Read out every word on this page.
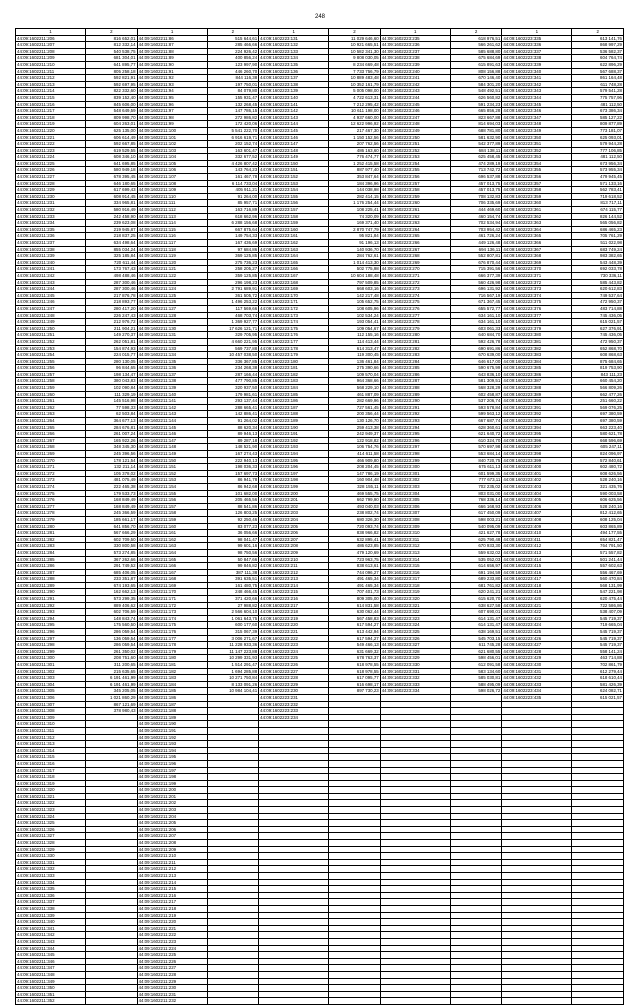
248
1	2	1	2	1	2	1	2	1	2
44:09:1602211:206	816 652,01	44:09:1602211:86	515 644,61	44:09:1602223:131	11 029 646,60	44:09:1602223:235	618 976,51	44:09:1602223:335	613 141,76
44:09:1602211:207	812 332,14	44:09:1602211:87	285 466,66	44:09:1602223:132	10 921 665,51	44:09:1602223:236	566 261,62	44:09:1602223:336	868 997,29
44:09:1602211:208	540 538,75	44:09:1602211:88	224 926,42	44:09:1602223:133	10 582 341,30	44:09:1602223:237	585 688,80	44:09:1602223:337	536 582,37
44:09:1602211:209	681 304,01	44:09:1602211:89	400 856,24	44:09:1602223:134	9 808 030,05	44:09:1602223:238	675 684,69	44:09:1602223:338	604 764,74
44:09:1602211:210	641 895,77	44:09:1602211:90	123 997,90	44:09:1602223:135	8 234 669,48	44:09:1602223:239	615 891,63	44:09:1602223:339	622 896,29
44:09:1602211:211	805 258,18	44:09:1602211:91	446 260,70	44:09:1602223:136	7 733 756,79	44:09:1602223:240	808 156,88	44:09:1602223:340	567 688,37
44:09:1602211:212	592 821,91	44:09:1602211:92	844 116,38	44:09:1602223:137	10 889 483,48	44:09:1602223:241	670 146,40	44:09:1602223:341	861 164,48
44:09:1602211:213	592 697,95	44:09:1602211:93	197 750,01	44:09:1602223:138	10 352 161,79	44:09:1602223:242	584 301,20	44:09:1602223:342	611 748,28
44:09:1602211:214	822 332,60	44:09:1602211:94	84 079,80	44:09:1602223:139	5 005 098,00	44:09:1602223:243	548 492,51	44:09:1602223:343	579 541,28
44:09:1602211:215	839 152,40	44:09:1602211:95	155 931,47	44:09:1602223:140	4 722 613,31	44:09:1602223:244	626 560,82	44:09:1602223:344	775 757,96
44:09:1602211:216	845 606,00	44:09:1602211:96	132 268,45	44:09:1602223:141	7 212 295,42	44:09:1602223:245	591 234,23	44:09:1602223:345	481 112,50
44:09:1602211:217	548 649,59	44:09:1602211:97	147 786,15	44:09:1602223:142	10 611 198,00	44:09:1602223:246	665 856,28	44:09:1602223:346	673 386,34
44:09:1602211:218	809 998,70	44:09:1602211:98	272 986,82	44:09:1602223:143	4 937 660,00	44:09:1602223:247	823 667,88	44:09:1602223:347	585 127,22
44:09:1602211:219	604 263,01	44:09:1602211:99	172 420,06	44:09:1602223:144	12 622 996,92	44:09:1602223:248	814 694,03	44:09:1602223:348	809 877,89
44:09:1602211:220	625 135,00	44:09:1602211:100	5 541 222,70	44:09:1602223:145	217 467,30	44:09:1602223:249	688 781,80	44:09:1602223:349	773 181,07
44:09:1602211:221	606 614,49	44:09:1602211:101	6 916 619,71	44:09:1602223:146	1 150 152,56	44:09:1602223:250	581 632,90	44:09:1602223:350	625 093,01
44:09:1602211:222	592 667,85	44:09:1602211:102	202 152,74	44:09:1602223:147	207 762,56	44:09:1602223:251	542 377,89	44:09:1602223:351	579 944,28
44:09:1602211:223	619 529,55	44:09:1602211:103	163 601,47	44:09:1602223:148	486 163,60	44:09:1602223:252	684 138,11	44:09:1602223:352	777 106,85
44:09:1602211:224	608 346,10	44:09:1602211:104	332 677,52	44:09:1602223:149	776 474,77	44:09:1602223:253	625 458,45	44:09:1602223:353	481 112,50
44:09:1602211:225	641 695,85	44:09:1602211:105	4 426 807,42	44:09:1602223:150	1 252 415,58	44:09:1602223:254	474 289,19	44:09:1602223:354	673 956,34
44:09:1602211:226	580 949,18	44:09:1602211:106	143 764,23	44:09:1602223:151	887 977,40	44:09:1602223:255	713 742,72	44:09:1602223:355	573 955,34
44:09:1602211:227	678 395,45	44:09:1602211:107	161 467,78	44:09:1602223:152	353 847,64	44:09:1602223:256	696 537,88	44:09:1602223:356	479 945,45
44:09:1602211:228	646 180,65	44:09:1602211:108	6 114 733,04	44:09:1602223:153	184 396,96	44:09:1602223:257	457 013,75	44:09:1602223:357	571 133,16
44:09:1602211:229	617 699,43	44:09:1602211:109	405 911,21	44:09:1602223:154	144 038,98	44:09:1602223:258	457 013,75	44:09:1602223:358	562 783,41
44:09:1602211:230	608 914,45	44:09:1602211:110	91 264,00	44:09:1602223:155	282 414,15	44:09:1602223:259	708 132,83	44:09:1602223:359	719 618,52
44:09:1602211:231	334 965,81	44:09:1602211:111	85 957,71	44:09:1602223:156	1 176 254,44	44:09:1602223:260	706 335,69	44:09:1602223:360	813 717,11
44:09:1602211:232	580 916,49	44:09:1602211:112	163 716,89	44:09:1602223:157	108 225,41	44:09:1602223:261	444 469,60	44:09:1602223:361	674 115,77
44:09:1602211:233	242 458,90	44:09:1602211:113	618 662,96	44:09:1602223:158	74 320,09	44:09:1602223:262	460 154,74	44:09:1602223:362	826 144,52
44:09:1602211:234	239 623,08	44:09:1602211:114	6 288 156,68	44:09:1602223:159	169 371,40	44:09:1602223:263	702 534,94	44:09:1602223:363	565 056,82
44:09:1602211:235	219 945,87	44:09:1602211:115	667 875,64	44:09:1602223:160	2 870 747,79	44:09:1602223:264	703 954,42	44:09:1602223:364	686 465,23
44:09:1602211:236	218 837,25	44:09:1602211:116	149 754,33	44:09:1602223:161	95 821,84	44:09:1602223:265	461 726,24	44:09:1602223:365	705 761,29
44:09:1602211:237	634 498,64	44:09:1602211:117	167 436,69	44:09:1602223:162	91 196,13	44:09:1602223:266	449 126,48	44:09:1602223:366	511 022,98
44:09:1602211:238	855 034,24	44:09:1602211:118	97 684,86	44:09:1602223:163	140 936,70	44:09:1602223:267	694 136,11	44:09:1602223:367	683 749,24
44:09:1602211:239	325 185,84	44:09:1602211:119	369 125,85	44:09:1602223:164	284 762,61	44:09:1602223:268	552 807,81	44:09:1602223:368	983 382,65
44:09:1602211:240	720 611,44	44:09:1602211:120	275 736,23	44:09:1602223:165	1 014 413,30	44:09:1602223:269	676 870,44	44:09:1602223:369	543 448,39
44:09:1602211:241	173 767,43	44:09:1602211:121	258 205,27	44:09:1602223:166	502 775,98	44:09:1602223:270	715 391,56	44:09:1602223:370	692 033,78
44:09:1602211:242	498 488,46	44:09:1602211:122	359 125,85	44:09:1602223:167	10 604 188,48	44:09:1602223:271	666 377,39	44:09:1602223:371	730 336,11
44:09:1602211:243	287 300,46	44:09:1602211:123	296 198,23	44:09:1602223:168	797 509,85	44:09:1602223:272	560 426,98	44:09:1602223:372	585 443,82
44:09:1602211:244	287 300,46	44:09:1602211:124	2 791 689,91	44:09:1602223:169	668 603,16	44:09:1602223:273	696 131,92	44:09:1602223:373	620 612,83
44:09:1602211:245	217 876,78	44:09:1602211:125	361 505,72	44:09:1602223:170	142 217,48	44:09:1602223:274	716 567,19	44:09:1602223:374	749 537,64
44:09:1602211:246	218 893,77	44:09:1602211:126	1 496 253,22	44:09:1602223:171	105 652,75	44:09:1602223:275	671 367,45	44:09:1602223:375	472 950,37
44:09:1602211:247	280 417,20	44:09:1602211:127	117 569,66	44:09:1602223:172	108 605,96	44:09:1602223:276	655 572,77	44:09:1602223:376	483 714,88
44:09:1602211:248	226 247,43	44:09:1602211:128	468 703,74	44:09:1602223:173	102 534,24	44:09:1602223:277	634 161,10	44:09:1602223:377	745 436,05
44:09:1602211:249	212 976,72	44:09:1602211:129	1 369 927,77	44:09:1602223:174	193 054,41	44:09:1602223:278	634 161,10	44:09:1602223:378	615 021,57
44:09:1602211:250	211 904,21	44:09:1602211:130	17 626 121,71	44:09:1602223:175	109 054,67	44:09:1602223:279	603 061,33	44:09:1602223:379	627 376,91
44:09:1602211:251	149 270,37	44:09:1602211:131	329 705,95	44:09:1602223:176	112 155,16	44:09:1602223:280	640 684,70	44:09:1602223:380	745 436,05
44:09:1602211:252	262 051,81	44:09:1602211:132	4 660 221,95	44:09:1602223:177	114 413,44	44:09:1602223:281	592 426,78	44:09:1602223:381	472 950,37
44:09:1602211:253	154 874,93	44:09:1602211:133	569 737,88	44:09:1602223:178	614 313,47	44:09:1602223:282	690 691,86	44:09:1602223:382	652 868,70
44:09:1602211:254	224 015,77	44:09:1602211:134	10 457 038,50	44:09:1602223:179	119 300,45	44:09:1602223:283	670 639,00	44:09:1602223:383	608 868,63
44:09:1602211:255	280 130,05	44:09:1602211:135	336 367,85	44:09:1602223:180	136 461,84	44:09:1602223:284	646 617,00	44:09:1602223:384	875 684,65
44:09:1602211:256	96 844,65	44:09:1602211:136	234 268,38	44:09:1602223:181	275 390,66	44:09:1602223:285	590 675,99	44:09:1602223:385	819 753,90
44:09:1602211:257	198 134,47	44:09:1602211:137	287 166,44	44:09:1602223:182	109 570,04	44:09:1602223:286	643 836,10	44:09:1602223:386	843 111,23
44:09:1602211:258	380 043,83	44:09:1602211:138	477 790,85	44:09:1602223:183	964 368,66	44:09:1602223:287	581 309,51	44:09:1602223:387	660 454,20
44:09:1602211:259	102 090,84	44:09:1602211:139	320 937,50	44:09:1602223:184	568 229,10	44:09:1602223:288	568 328,29	44:09:1602223:388	566 809,26
44:09:1602211:260	111 329,19	44:09:1602211:140	179 981,61	44:09:1602223:185	461 887,09	44:09:1602223:289	602 458,87	44:09:1602223:389	662 477,26
44:09:1602211:261	145 516,98	44:09:1602211:141	293 137,44	44:09:1602223:186	282 669,96	44:09:1602223:290	537 206,74	44:09:1602223:390	251 660,22
44:09:1602211:262	77 598,33	44:09:1602211:142	288 665,41	44:09:1602223:187	727 561,45	44:09:1602223:291	593 578,84	44:09:1602223:391	569 076,25
44:09:1602211:263	62 503,84	44:09:1602211:143	142 886,41	44:09:1602223:188	200 356,44	44:09:1602223:292	599 563,12	44:09:1602223:392	697 380,59
44:09:1602211:264	364 677,13	44:09:1602211:144	91 264,02	44:09:1602223:189	130 126,70	44:09:1602223:293	667 687,74	44:09:1602223:393	697 380,59
44:09:1602211:265	284 676,81	44:09:1602211:145	88 620,34	44:09:1602223:190	259 413,38	44:09:1602223:294	628 360,61	44:09:1602223:394	663 223,40
44:09:1602211:266	261 007,24	44:09:1602211:146	89 946,13	44:09:1602223:191	242 949,37	44:09:1602223:295	621 640,72	44:09:1602223:395	580 621,78
44:09:1602211:267	165 922,26	44:09:1602211:147	89 287,18	44:09:1602223:192	122 918,82	44:09:1602223:296	610 324,70	44:09:1602223:396	668 596,69
44:09:1602211:268	348 345,30	44:09:1602211:148	148 521,90	44:09:1602223:193	106 754,76	44:09:1602223:297	570 697,98	44:09:1602223:397	605 247,11
44:09:1602211:269	245 396,56	44:09:1602211:149	167 274,43	44:09:1602223:194	414 611,58	44:09:1602223:298	553 684,14	44:09:1602223:398	824 096,97
44:09:1602211:270	178 121,54	44:09:1602211:150	222 940,13	44:09:1602223:195	466 909,80	44:09:1602223:299	840 720,75	44:09:1602223:399	572 840,61
44:09:1602211:271	132 211,14	44:09:1602211:151	198 036,33	44:09:1602223:196	208 204,45	44:09:1602223:300	675 611,13	44:09:1602223:400	602 480,72
44:09:1602211:272	105 378,02	44:09:1602211:152	157 697,73	44:09:1602223:197	147 786,19	44:09:1602223:301	601 599,35	44:09:1602223:401	608 626,56
44:09:1602211:273	481 075,49	44:09:1602211:153	86 941,78	44:09:1602223:198	160 904,48	44:09:1602223:302	777 673,11	44:09:1602223:402	528 240,16
44:09:1602211:274	222 465,38	44:09:1602211:154	86 942,68	44:09:1602223:199	328 155,11	44:09:1602223:303	702 235,02	44:09:1602223:403	321 435,76
44:09:1602211:275	179 533,73	44:09:1602211:155	101 682,00	44:09:1602223:200	469 555,75	44:09:1602223:304	803 031,00	44:09:1602223:404	590 003,58
44:09:1602211:276	168 849,49	44:09:1602211:156	205 465,56	44:09:1602223:201	662 799,90	44:09:1602223:305	768 336,14	44:09:1602223:405	606 625,56
44:09:1602211:277	168 849,49	44:09:1602211:157	88 541,86	44:09:1602223:202	493 040,03	44:09:1602223:306	666 168,93	44:09:1602223:406	528 240,16
44:09:1602211:278	245 366,59	44:09:1602211:158	126 803,25	44:09:1602223:203	238 802,74	44:09:1602223:307	617 450,09	44:09:1602223:407	812 412,65
44:09:1602211:279	185 661,17	44:09:1602211:159	92 250,46	44:09:1602223:204	680 326,30	44:09:1602223:308	598 003,21	44:09:1602223:408	608 125,04
44:09:1602211:280	641 856,70	44:09:1602211:160	83 077,23	44:09:1602223:205	720 093,74	44:09:1602223:309	540 095,09	44:09:1602223:409	603 865,89
44:09:1602211:281	567 666,29	44:09:1602211:161	36 056,66	44:09:1602223:206	838 966,82	44:09:1602223:310	421 627,78	44:09:1602223:410	494 177,55
44:09:1602211:282	602 709,50	44:09:1602211:162	98 041,47	44:09:1602223:207	632 895,41	44:09:1602223:311	625 790,48	44:09:1602223:411	654 821,47
44:09:1602211:283	330 800,58	44:09:1602211:163	99 601,16	44:09:1602223:208	486 623,85	44:09:1602223:312	670 933,30	44:09:1602223:412	764 791,50
44:09:1602211:284	573 274,85	44:09:1602211:164	98 750,56	44:09:1602223:209	479 120,69	44:09:1602223:313	559 632,02	44:09:1602223:413	571 557,82
44:09:1602211:285	367 262,66	44:09:1602211:165	50 847,66	44:09:1602223:210	723 963,75	44:09:1602223:314	535 052,03	44:09:1602223:414	501 241,44
44:09:1602211:286	291 749,52	44:09:1602211:166	99 846,82	44:09:1602223:211	838 613,61	44:09:1602223:315	614 656,97	44:09:1602223:415	557 602,63
44:09:1602211:287	685 406,05	44:09:1602211:167	387 111,38	44:09:1602223:212	744 096,27	44:09:1602223:316	691 194,59	44:09:1602223:416	556 467,69
44:09:1602211:288	233 351,87	44:09:1602211:168	391 635,51	44:09:1602223:213	491 465,34	44:09:1602223:317	689 233,80	44:09:1602223:417	560 470,84
44:09:1602211:289	674 193,65	44:09:1602211:169	161 480,75	44:09:1602223:214	491 465,34	44:09:1602223:318	681 761,82	44:09:1602223:418	568 131,99
44:09:1602211:290	162 662,13	44:09:1602211:170	248 466,45	44:09:1602223:215	707 401,73	44:09:1602223:319	620 241,21	44:09:1602223:419	547 221,98
44:09:1602211:291	573 299,35	44:09:1602211:171	371 420,66	44:09:1602223:216	809 305,00	44:09:1602223:320	615 620,70	44:09:1602223:420	620 475,44
44:09:1602211:292	889 406,62	44:09:1602211:172	27 988,82	44:09:1602223:217	614 831,58	44:09:1602223:321	638 627,58	44:09:1602223:421	722 586,86
44:09:1602211:293	602 706,59	44:09:1602211:173	2 566 604,10	44:09:1602223:218	630 062,44	44:09:1602223:322	607 690,01	44:09:1602223:422	538 407,09
44:09:1602211:294	148 843,74	44:09:1602211:174	1 061 643,75	44:09:1602223:219	567 458,83	44:09:1602223:323	614 131,47	44:09:1602223:423	545 719,37
44:09:1602211:295	175 560,50	44:09:1602211:175	600 177,60	44:09:1602223:220	617 594,27	44:09:1602223:324	614 131,47	44:09:1602223:424	719 665,04
44:09:1602211:296	286 059,54	44:09:1602211:176	315 067,39	44:09:1602223:221	613 442,94	44:09:1602223:325	638 169,51	44:09:1602223:425	545 719,37
44:09:1602211:297	136 059,54	44:09:1602211:177	3 006 271,67	44:09:1602223:222	617 594,27	44:09:1602223:326	545 703,15	44:09:1602223:426	545 719,37
44:09:1602211:298	286 059,54	44:09:1602211:178	11 228 933,36	44:09:1602223:223	549 466,13	44:09:1602223:327	611 745,28	44:09:1602223:427	545 719,37
44:09:1602211:299	261 350,02	44:09:1602211:179	11 147 223,88	44:09:1602223:224	631 669,32	44:09:1602223:328	621 680,55	44:09:1602223:428	558 141,24
44:09:1602211:300	208 751,60	44:09:1602211:180	10 299 331,93	44:09:1602223:225	678 763,37	44:09:1602223:329	598 456,01	44:09:1602223:429	463 714,88
44:09:1602211:301	311 200,65	44:09:1602211:181	1 514 291,47	44:09:1602223:226	618 978,55	44:09:1602223:330	612 091,58	44:09:1602223:430	702 861,79
44:09:1602211:302	215 635,65	44:09:1602211:182	1 694 285,88	44:09:1602223:227	618 978,55	44:09:1602223:331	583 134,60	44:09:1602223:431	612 279,44
44:09:1602211:303	6 191 461,99	44:09:1602211:183	10 271 750,84	44:09:1602223:228	617 095,77	44:09:1602223:332	585 030,81	44:09:1602223:432	618 610,44
44:09:1602211:304	6 191 461,99	44:09:1602211:184	8 133 091,26	44:09:1602223:229	616 698,17	44:09:1602223:333	588 495,09	44:09:1602223:433	581 426,39
44:09:1602211:305	345 205,05	44:09:1602211:185	10 984 104,41	44:09:1602223:230	897 730,23	44:09:1602223:334	598 026,72	44:09:1602223:434	624 082,71
44:09:1602211:306	1 021 860,29	44:09:1602211:186		44:09:1602223:231				44:09:1602223:435	615 021,57
44:09:1602211:307	867 121,69	44:09:1602211:187		44:09:1602223:232					
44:09:1602211:308	378 980,43	44:09:1602211:188		44:09:1602223:233					
44:09:1602211:309		44:09:1602211:189		44:09:1602223:234					
44:09:1602211:310		44:09:1602211:190							
44:09:1602211:311		44:09:1602211:191							
44:09:1602211:312		44:09:1602211:192							
44:09:1602211:313		44:09:1602211:193							
44:09:1602211:314		44:09:1602211:194							
44:09:1602211:315		44:09:1602211:195							
44:09:1602211:316		44:09:1602211:196							
44:09:1602211:317		44:09:1602211:197							
44:09:1602211:318		44:09:1602211:198							
44:09:1602211:319		44:09:1602211:199							
44:09:1602211:320		44:09:1602211:200							
44:09:1602211:321		44:09:1602211:201							
44:09:1602211:322		44:09:1602211:202							
44:09:1602211:323		44:09:1602211:203							
44:09:1602211:324		44:09:1602211:204							
44:09:1602211:325		44:09:1602211:205							
44:09:1602211:326		44:09:1602211:206							
44:09:1602211:327		44:09:1602211:207							
44:09:1602211:328		44:09:1602211:208							
44:09:1602211:329		44:09:1602211:209							
44:09:1602211:330		44:09:1602211:210							
44:09:1602211:331		44:09:1602211:211							
44:09:1602211:332		44:09:1602211:212							
44:09:1602211:333		44:09:1602211:213							
44:09:1602211:334		44:09:1602211:214							
44:09:1602211:335		44:09:1602211:215							
44:09:1602211:336		44:09:1602211:216							
44:09:1602211:337		44:09:1602211:217							
44:09:1602211:338		44:09:1602211:218							
44:09:1602211:339		44:09:1602211:219							
44:09:1602211:340		44:09:1602211:220							
44:09:1602211:341		44:09:1602211:221							
44:09:1602211:342		44:09:1602211:222							
44:09:1602211:343		44:09:1602211:223							
44:09:1602211:344		44:09:1602211:224							
44:09:1602211:345		44:09:1602211:225							
44:09:1602211:346		44:09:1602211:226							
44:09:1602211:347		44:09:1602211:227							
44:09:1602211:348		44:09:1602211:228							
44:09:1602211:349		44:09:1602211:229							
44:09:1602211:350		44:09:1602211:230							
44:09:1602211:351		44:09:1602211:231							
44:09:1602211:352		44:09:1602211:232							
